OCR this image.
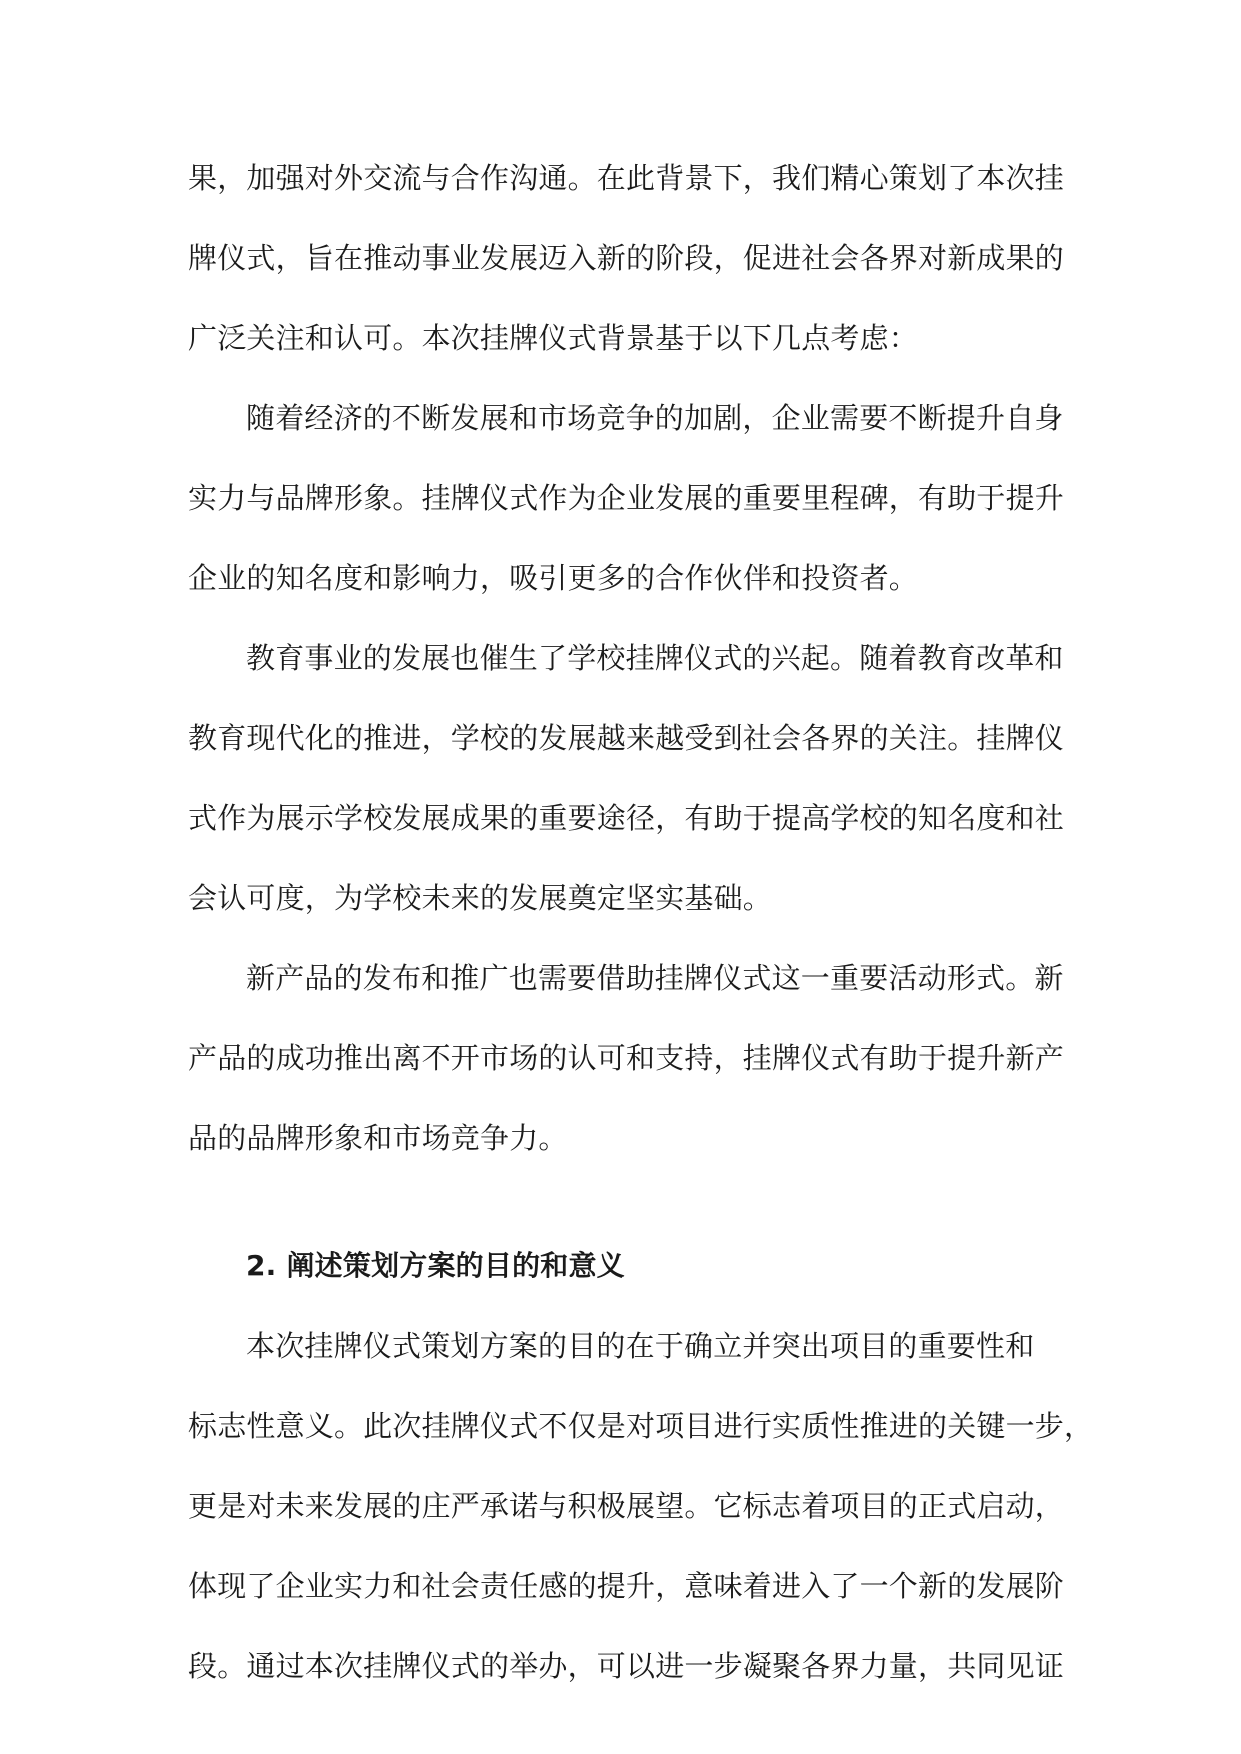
果，加强对外交流与合作沟通。在此背景下，我们精心策划了本次挂
牌仪式，旨在推动事业发展迈入新的阶段，促进社会各界对新成果的
广泛关注和认可。本次挂牌仪式背景基于以下几点考虑：
随着经济的不断发展和市场竞争的加剧，企业需要不断提升自身
实力与品牌形象。挂牌仪式作为企业发展的重要里程碑，有助于提升
企业的知名度和影响力，吸引更多的合作伙伴和投资者。
教育事业的发展也催生了学校挂牌仪式的兴起。随着教育改革和
教育现代化的推进，学校的发展越来越受到社会各界的关注。挂牌仪
式作为展示学校发展成果的重要途径，有助于提高学校的知名度和社
会认可度，为学校未来的发展奠定坚实基础。
新产品的发布和推广也需要借助挂牌仪式这一重要活动形式。新
产品的成功推出离不开市场的认可和支持，挂牌仪式有助于提升新产
品的品牌形象和市场竞争力。
2. 阐述策划方案的目的和意义
本次挂牌仪式策划方案的目的在于确立并突出项目的重要性和
标志性意义。此次挂牌仪式不仅是对项目进行实质性推进的关键一步，
更是对未来发展的庄严承诺与积极展望。它标志着项目的正式启动，
体现了企业实力和社会责任感的提升，意味着进入了一个新的发展阶
段。通过本次挂牌仪式的举办，可以进一步凝聚各界力量，共同见证
